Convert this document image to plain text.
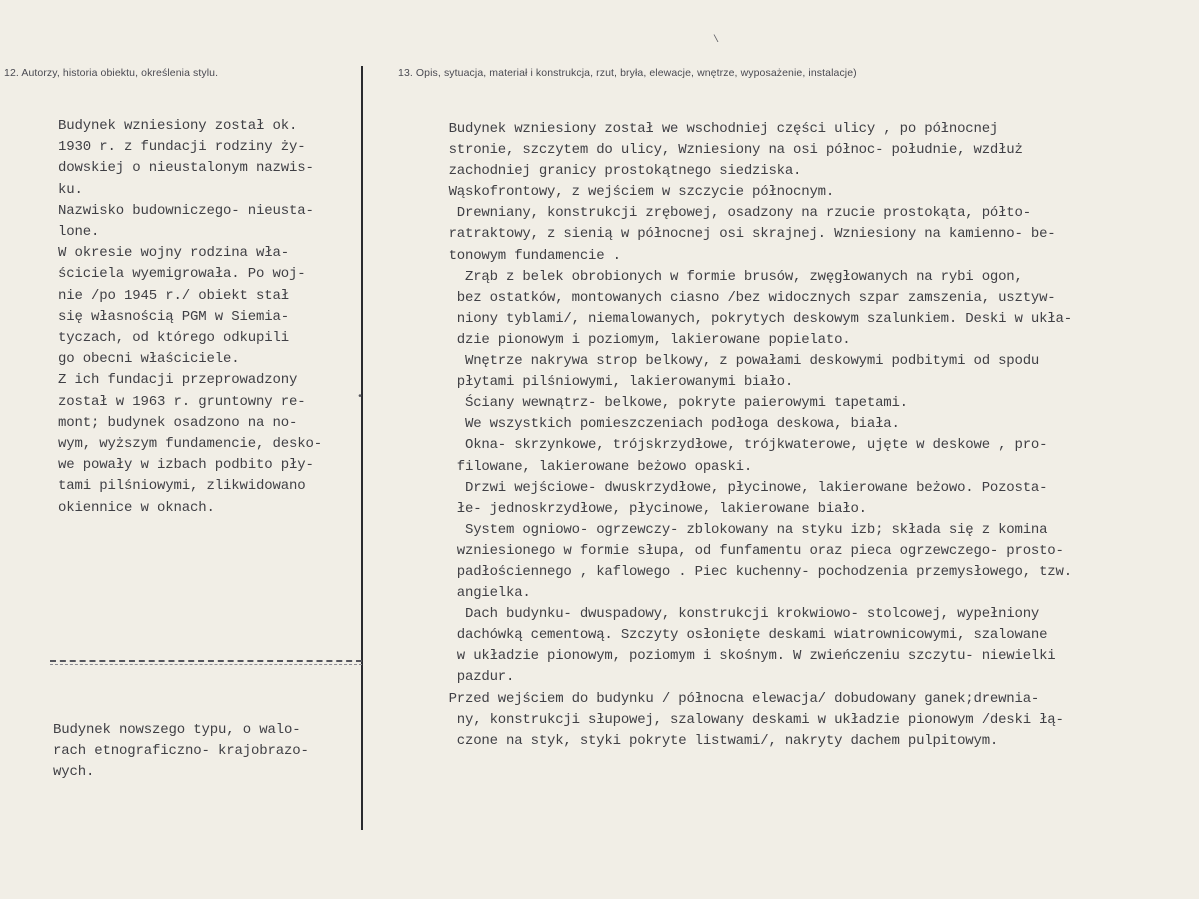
12. Autorzy, historia obiektu, określenia stylu.	13. Opis, sytuacja, materiał i konstrukcja, rzut, bryła, elewacje, wnętrze, wyposażenie, instalacje)
Budynek wzniesiony został ok.
1930 r. z fundacji rodziny ży-
dowskiej o nieustalonym nazwis-
ku.
Nazwisko budowniczego- nieusta-
lone.
W okresie wojny rodzina wła-
ściciela wyemigrowała. Po woj-
nie /po 1945 r./ obiekt stał
się własnością PGM w Siemia-
tyczach, od którego odkupili
go obecni właściciele.
Z ich fundacji przeprowadzony
został w 1963 r. gruntowny re-
mont; budynek osadzono na no-
wym, wyższym fundamencie, desko-
we powały w izbach podbito pły-
tami pilśniowymi, zlikwidowano
okiennice w oknach.
Budynek nowszego typu, o walo-
rach etnograficzno- krajobrazo-
wych.
Budynek wzniesiony został we wschodniej części ulicy , po północnej
stronie, szczytem do ulicy, Wzniesiony na osi północ- południe, wzdłuż
zachodniej granicy prostokątnego siedziska.
Wąskofrontowy, z wejściem w szczycie północnym.
Drewniany, konstrukcji zrębowej, osadzony na rzucie prostokąta, półto-
ratraktowy, z sienią w północnej osi skrajnej. Wzniesiony na kamienno- be-
tonowym fundamencie .
Zrąb z belek obrobionych w formie brusów, zwęgłowanych na rybi ogon,
bez ostatków, montowanych ciasno /bez widocznych szpar zamszenia, usztyw-
niony tyblami/, niemalowanych, pokrytych deskowym szalunkiem. Deski w ukła-
dzie pionowym i poziomym, lakierowane popielato.
Wnętrze nakrywa strop belkowy, z powałami deskowymi podbitymi od spodu
płytami pilśniowymi, lakierowanymi biało.
Ściany wewnątrz- belkowe, pokryte paierowymi tapetami.
We wszystkich pomieszczeniach podłoga deskowa, biała.
Okna- skrzynkowe, trójskrzydłowe, trójkwaterowe, ujęte w deskowe , pro-
filowane, lakierowane beżowo opaski.
Drzwi wejściowe- dwuskrzydłowe, płycinowe, lakierowane beżowo. Pozosta-
łe- jednoskrzydłowe, płycinowe, lakierowane biało.
System ogniowo- ogrzewczy- zblokowany na styku izb; składa się z komina
wzniesionego w formie słupa, od funfamentu oraz pieca ogrzewczego- prosto-
padłościennego , kaflowego . Piec kuchenny- pochodzenia przemysłowego, tzw.
angielka.
Dach budynku- dwuspadowy, konstrukcji krokwiowo- stolcowej, wypełniony
dachówką cementową. Szczyty osłonięte deskami wiatrownicowymi, szalowane
w układzie pionowym, poziomym i skośnym. W zwieńczeniu szczytu- niewielki
pazdur.
Przed wejściem do budynku / północna elewacja/ dobudowany ganek;drewnia-
ny, konstrukcji słupowej, szalowany deskami w układzie pionowym /deski łą-
czone na styk, styki pokryte listwami/, nakryty dachem pulpitowym.
\
•
